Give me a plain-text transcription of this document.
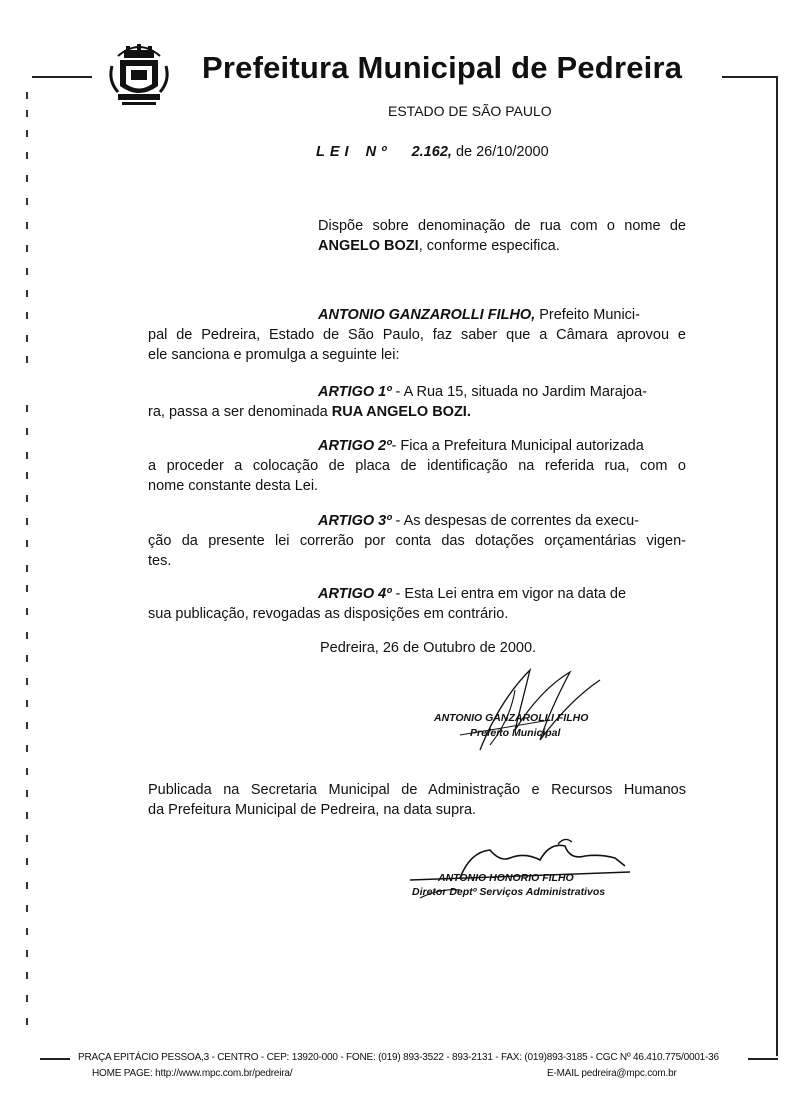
Prefeitura Municipal de Pedreira
ESTADO DE SÃO PAULO
LEI Nº 2.162, de 26/10/2000
Dispõe sobre denominação de rua com o nome de
ANGELO BOZI, conforme especifica.
ANTONIO GANZAROLLI FILHO, Prefeito Munici-
pal de Pedreira, Estado de São Paulo, faz saber que a Câmara aprovou e
ele sanciona e promulga a seguinte lei:
ARTIGO 1º - A Rua 15, situada no Jardim Marajoa-
ra, passa a ser denominada RUA ANGELO BOZI.
ARTIGO 2º- Fica a Prefeitura Municipal autorizada
a proceder a colocação de placa de identificação na referida rua, com o
nome constante desta Lei.
ARTIGO 3º - As despesas de correntes da execu-
ção da presente lei correrão por conta das dotações orçamentárias vigen-
tes.
ARTIGO 4º - Esta Lei entra em vigor na data de
sua publicação, revogadas as disposições em contrário.
Pedreira, 26 de Outubro de 2000.
ANTONIO GANZAROLLI FILHO
Prefeito Municipal
Publicada na Secretaria Municipal de Administração e Recursos Humanos
da Prefeitura Municipal de Pedreira, na data supra.
ANTONIO HONORIO FILHO
Diretor Deptº Serviços Administrativos
PRAÇA EPITÁCIO PESSOA,3 - CENTRO - CEP: 13920-000 - FONE: (019) 893-3522 - 893-2131 - FAX: (019)893-3185 - CGC Nº 46.410.775/0001-36
HOME PAGE: http://www.mpc.com.br/pedreira/	E-MAIL pedreira@mpc.com.br
